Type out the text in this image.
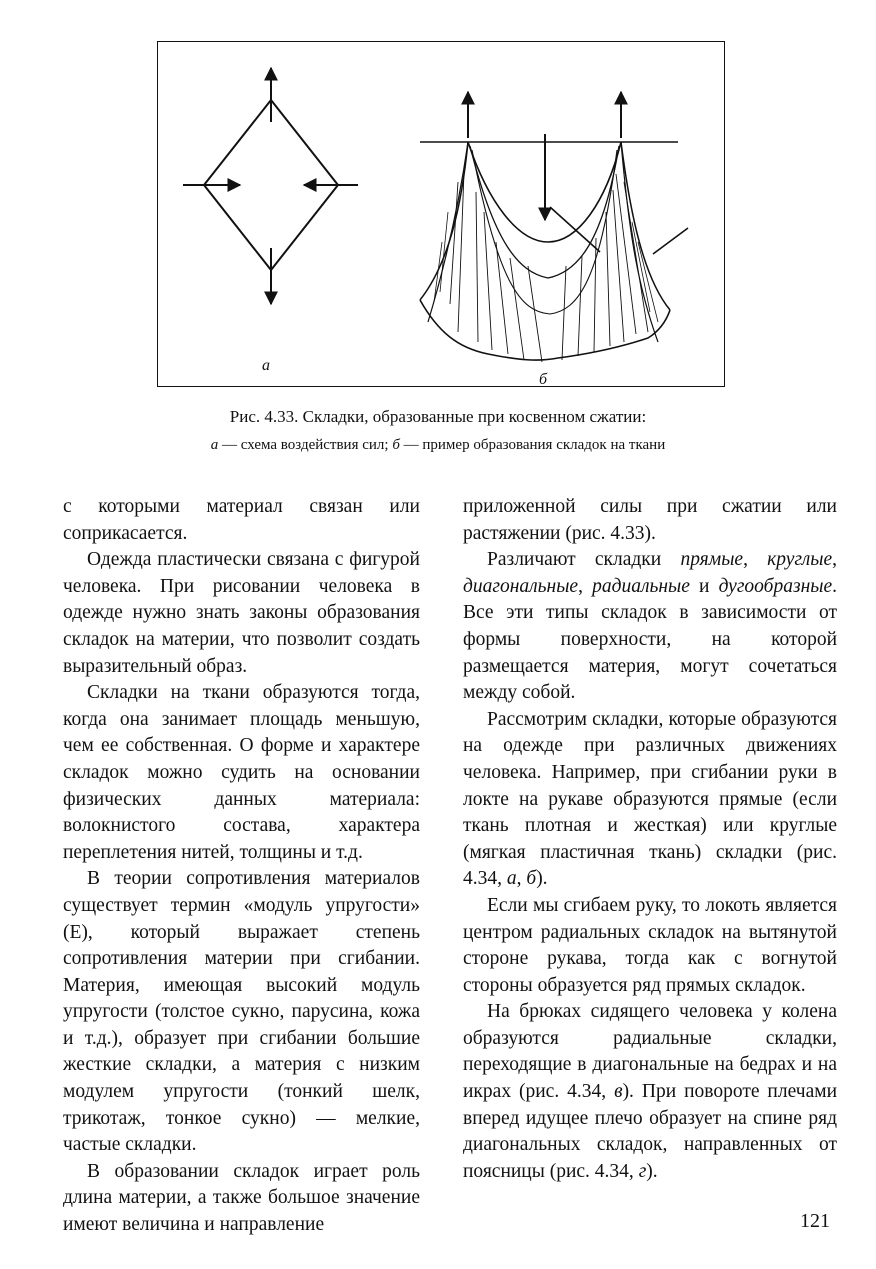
а
б
Рис. 4.33. Складки, образованные при косвенном сжатии:
а — схема воздействия сил; б — пример образования складок на ткани

с которыми материал связан или соприкасается.

Одежда пластически связана с фигурой человека. При рисовании человека в одежде нужно знать законы образования складок на материи, что позволит создать выразительный образ.

Складки на ткани образуются тогда, когда она занимает площадь меньшую, чем ее собственная. О форме и характере складок можно судить на основании физических данных материала: волокнистого состава, характера переплетения нитей, толщины и т.д.

В теории сопротивления материалов существует термин «модуль упругости» (Е), который выражает степень сопротивления материи при сгибании. Материя, имеющая высокий модуль упругости (толстое сукно, парусина, кожа и т.д.), образует при сгибании большие жесткие складки, а материя с низким модулем упругости (тонкий шелк, трикотаж, тонкое сукно) — мелкие, частые складки.

В образовании складок играет роль длина материи, а также большое значение имеют величина и направление

приложенной силы при сжатии или растяжении (рис. 4.33).

Различают складки прямые, круглые, диагональные, радиальные и дугообразные. Все эти типы складок в зависимости от формы поверхности, на которой размещается материя, могут сочетаться между собой.

Рассмотрим складки, которые образуются на одежде при различных движениях человека. Например, при сгибании руки в локте на рукаве образуются прямые (если ткань плотная и жесткая) или круглые (мягкая пластичная ткань) складки (рис. 4.34, а, б).

Если мы сгибаем руку, то локоть является центром радиальных складок на вытянутой стороне рукава, тогда как с вогнутой стороны образуется ряд прямых складок.

На брюках сидящего человека у колена образуются радиальные складки, переходящие в диагональные на бедрах и на икрах (рис. 4.34, в). При повороте плечами вперед идущее плечо образует на спине ряд диагональных складок, направленных от поясницы (рис. 4.34, г).

121
